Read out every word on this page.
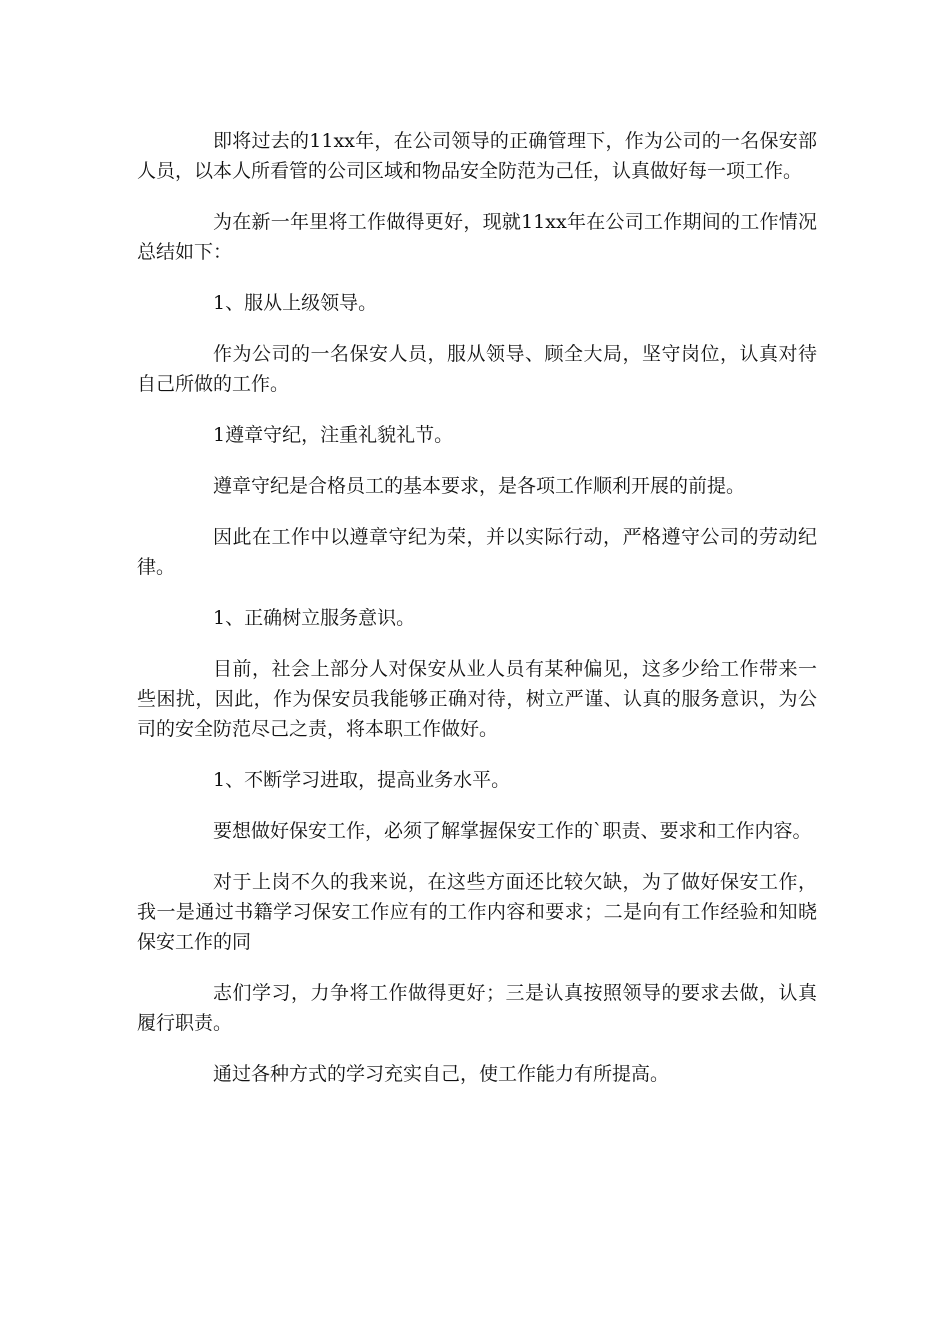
即将过去的11xx年，在公司领导的正确管理下，作为公司的一名保安部人员，以本人所看管的公司区域和物品安全防范为己任，认真做好每一项工作。

为在新一年里将工作做得更好，现就11xx年在公司工作期间的工作情况总结如下：

1、服从上级领导。

作为公司的一名保安人员，服从领导、顾全大局，坚守岗位，认真对待自己所做的工作。

1遵章守纪，注重礼貌礼节。

遵章守纪是合格员工的基本要求，是各项工作顺利开展的前提。

因此在工作中以遵章守纪为荣，并以实际行动，严格遵守公司的劳动纪律。

1、正确树立服务意识。

目前，社会上部分人对保安从业人员有某种偏见，这多少给工作带来一些困扰，因此，作为保安员我能够正确对待，树立严谨、认真的服务意识，为公司的安全防范尽己之责，将本职工作做好。

1、不断学习进取，提高业务水平。

要想做好保安工作，必须了解掌握保安工作的`职责、要求和工作内容。

对于上岗不久的我来说，在这些方面还比较欠缺，为了做好保安工作，我一是通过书籍学习保安工作应有的工作内容和要求；二是向有工作经验和知晓保安工作的同

志们学习，力争将工作做得更好；三是认真按照领导的要求去做，认真履行职责。

通过各种方式的学习充实自己，使工作能力有所提高。
